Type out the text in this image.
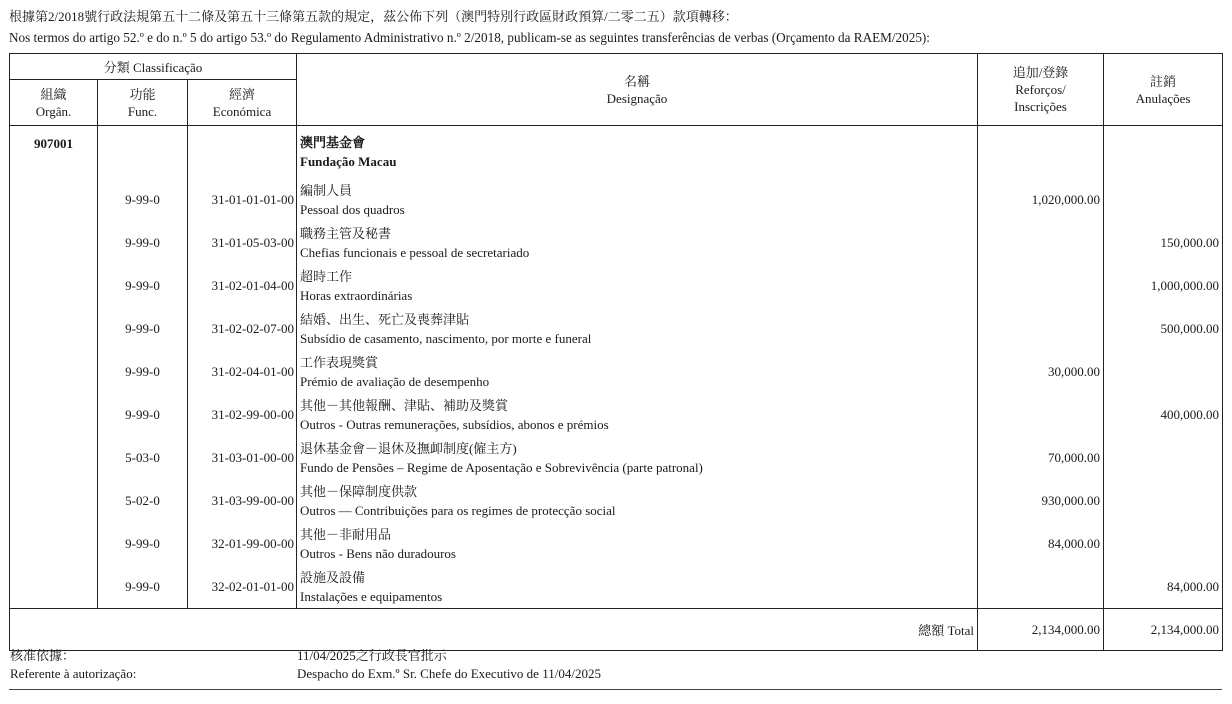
根據第2/2018號行政法規第五十二條及第五十三條第五款的規定，茲公佈下列（澳門特別行政區財政預算/二零二五）款項轉移：
Nos termos do artigo 52.º e do n.º 5 do artigo 53.º do Regulamento Administrativo n.º 2/2018, publicam-se as seguintes transferências de verbas (Orçamento da RAEM/2025):
分類 Classificação			名稱
Designação	追加/登錄
Reforços/
Inscrições	註銷
Anulações

組織
Orgân.	功能
Func.	經濟
Económica			

907001			澳門基金會
Fundação Macau		

	9-99-0	31-01-01-01-00	編制人員
Pessoal dos quadros	1,020,000.00	
	9-99-0	31-01-05-03-00	職務主管及秘書
Chefias funcionais e pessoal de secretariado		150,000.00
	9-99-0	31-02-01-04-00	超時工作
Horas extraordinárias		1,000,000.00
	9-99-0	31-02-02-07-00	結婚、出生、死亡及喪葬津貼
Subsídio de casamento, nascimento, por morte e funeral		500,000.00
	9-99-0	31-02-04-01-00	工作表現獎賞
Prémio de avaliação de desempenho	30,000.00	
	9-99-0	31-02-99-00-00	其他－其他報酬、津貼、補助及獎賞
Outros - Outras remunerações, subsídios, abonos e prémios		400,000.00
	5-03-0	31-03-01-00-00	退休基金會－退休及撫卹制度(僱主方)
Fundo de Pensões – Regime de Aposentação e Sobrevivência (parte patronal)	70,000.00	
	5-02-0	31-03-99-00-00	其他－保障制度供款
Outros — Contribuições para os regimes de protecção social	930,000.00	
	9-99-0	32-01-99-00-00	其他－非耐用品
Outros - Bens não duradouros	84,000.00	
	9-99-0	32-02-01-01-00	設施及設備
Instalações e equipamentos		84,000.00
總額 Total				2,134,000.00	2,134,000.00
核准依據：
Referente à autorização:
11/04/2025之行政長官批示
Despacho do Exm.º Sr. Chefe do Executivo de 11/04/2025
